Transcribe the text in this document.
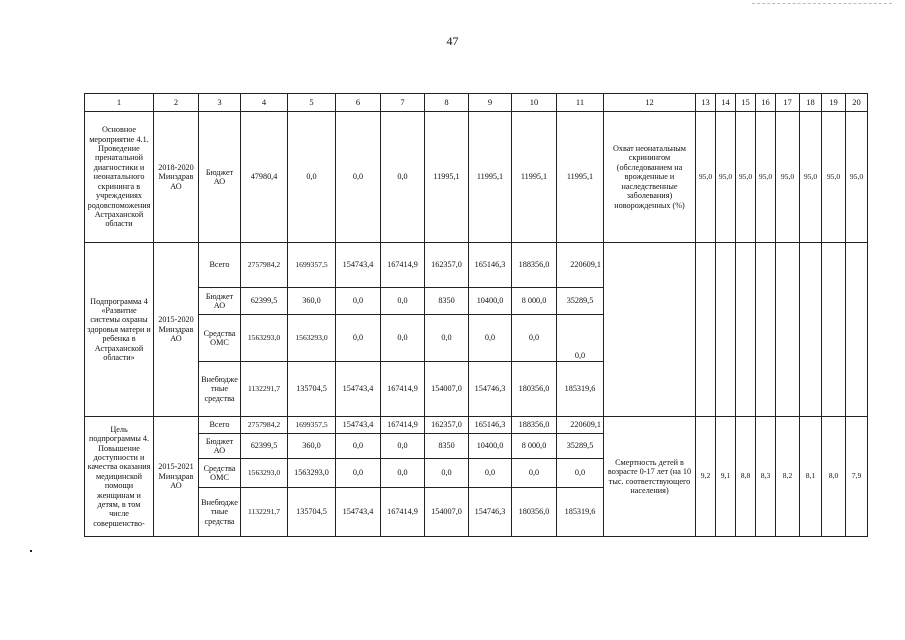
47
1	2	3	4	5	6	7	8	9	10	11	12	13	14	15	16	17	18	19	20
Основное мероприятие 4.1. Проведение пренатальной диагностики и неонатального скрининга в учреждениях родовспоможения Астраханской области	2018-2020 Минздрав АО	Бюджет АО	47980,4	0,0	0,0	0,0	11995,1	11995,1	11995,1	11995,1	Охват неонатальным скринингом (обследованием на врожденные и наследственные заболевания) новорожденных (%)	95,0	95,0	95,0	95,0	95,0	95,0	95,0	95,0
Подпрограмма 4 «Развитие системы охраны здоровья матери и ребенка в Астраханской области»	2015-2020 Минздрав АО	Всего	2757984,2	1699357,5	154743,4	167414,9	162357,0	165146,3	188356,0	220609,1									
		Бюджет АО	62399,5	360,0	0,0	0,0	8350	10400,0	8 000,0	35289,5									
		Средства ОМС	1563293,0	1563293,0	0,0	0,0	0,0	0,0	0,0	0,0									
		Внебюджетные средства	1132291,7	135704,5	154743,4	167414,9	154007,0	154746,3	180356,0	185319,6									
Цель подпрограммы 4. Повышение доступности и качества оказания медицинской помощи женщинам и детям, в том числе совершенство-	2015-2021 Минздрав АО	Всего	2757984,2	1699357,5	154743,4	167414,9	162357,0	165146,3	188356,0	220609,1	Смертность детей в возрасте 0-17 лет (на 10 тыс. соответствующего населения)	9,2	9,1	8,8	8,3	8,2	8,1	8,0	7,9
		Бюджет АО	62399,5	360,0	0,0	0,0	8350	10400,0	8 000,0	35289,5									
		Средства ОМС	1563293,0	1563293,0	0,0	0,0	0,0	0,0	0,0	0,0									
		Внебюджетные средства	1132291,7	135704,5	154743,4	167414,9	154007,0	154746,3	180356,0	185319,6									
